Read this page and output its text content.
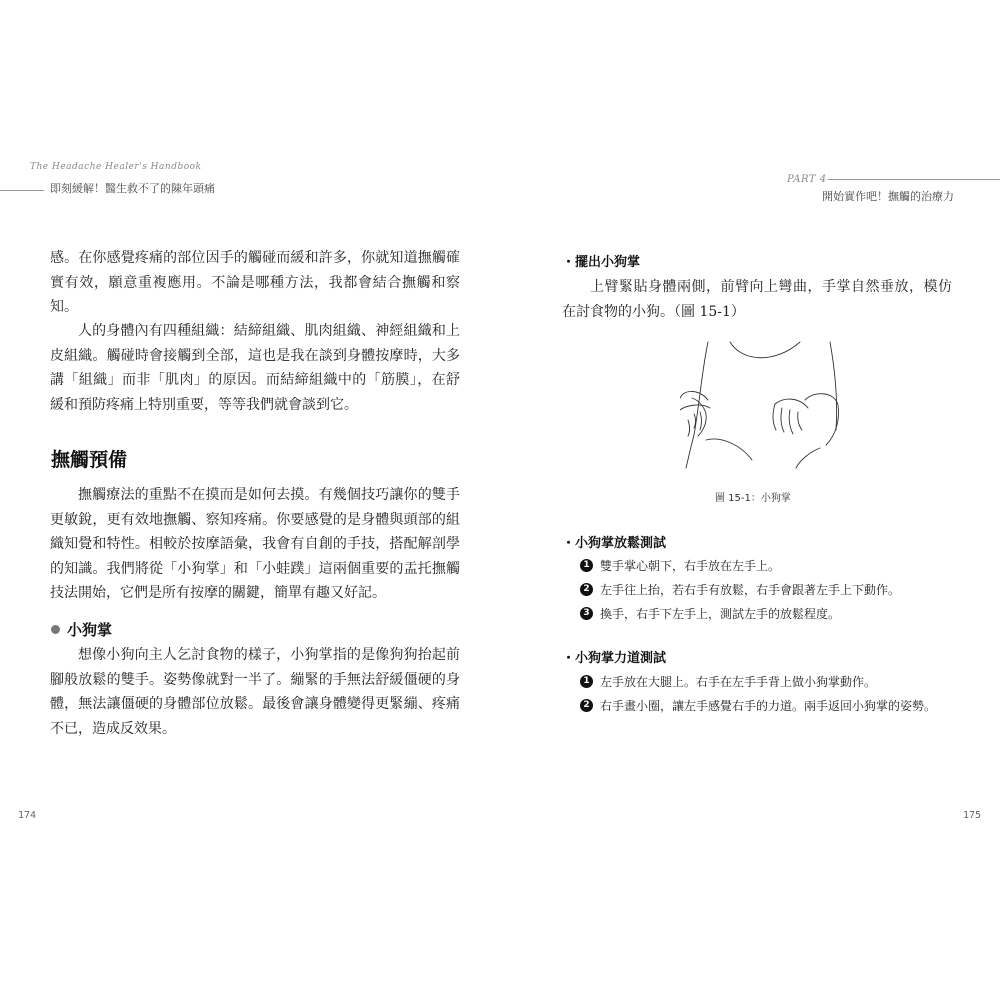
The Headache Healer's Handbook
即刻緩解！醫生救不了的陳年頭痛

感。在你感覺疼痛的部位因手的觸碰而緩和許多，你就知道撫觸確實有效，願意重複應用。不論是哪種方法，我都會結合撫觸和察知。

人的身體內有四種組織：結締組織、肌肉組織、神經組織和上皮組織。觸碰時會接觸到全部，這也是我在談到身體按摩時，大多講「組織」而非「肌肉」的原因。而結締組織中的「筋膜」，在舒緩和預防疼痛上特別重要，等等我們就會談到它。

撫觸預備

撫觸療法的重點不在摸而是如何去摸。有幾個技巧讓你的雙手更敏銳，更有效地撫觸、察知疼痛。你要感覺的是身體與頭部的組織知覺和特性。相較於按摩語彙，我會有自創的手技，搭配解剖學的知識。我們將從「小狗掌」和「小蛙蹼」這兩個重要的盂托撫觸技法開始，它們是所有按摩的關鍵，簡單有趣又好記。

小狗掌

想像小狗向主人乞討食物的樣子，小狗掌指的是像狗狗抬起前腳般放鬆的雙手。姿勢像就對一半了。繃緊的手無法舒緩僵硬的身體，無法讓僵硬的身體部位放鬆。最後會讓身體變得更緊繃、疼痛不已，造成反效果。

174
PART 4
開始實作吧！撫觸的治療力
・擺出小狗掌

上臂緊貼身體兩側，前臂向上彎曲，手掌自然垂放，模仿在討食物的小狗。（圖 15-1）

圖 15-1：小狗掌

・小狗掌放鬆測試
1 雙手掌心朝下，右手放在左手上。
2 左手往上抬，若右手有放鬆，右手會跟著左手上下動作。
3 換手，右手下左手上，測試左手的放鬆程度。
・小狗掌力道測試
1 左手放在大腿上。右手在左手手背上做小狗掌動作。
2 右手畫小圈，讓左手感覺右手的力道。兩手返回小狗掌的姿勢。
175
